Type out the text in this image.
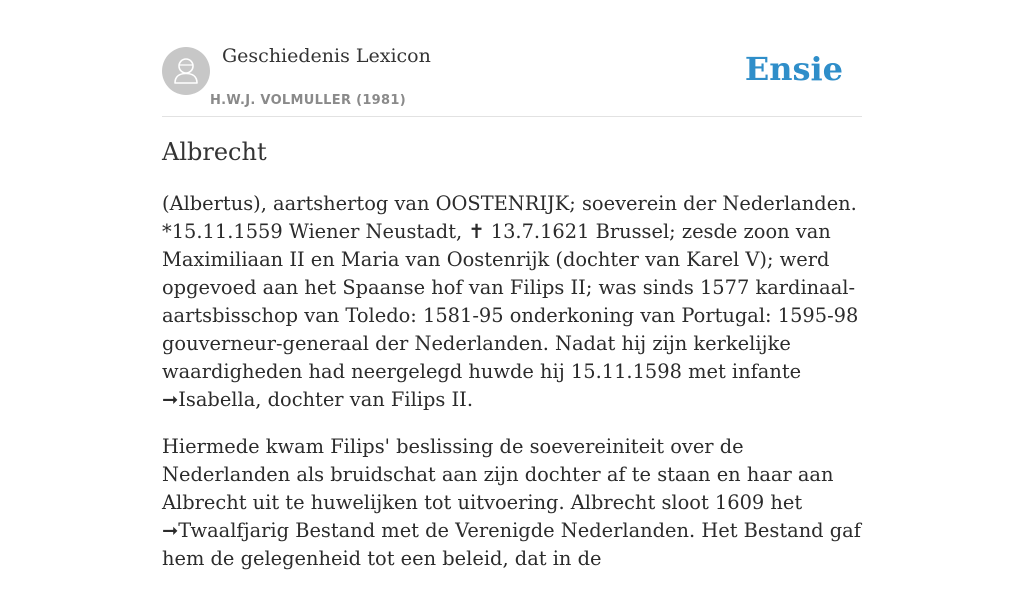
Geschiedenis Lexicon
H.W.J. VOLMULLER (1981)
Ensie
Albrecht

(Albertus), aartshertog van OOSTENRIJK; soeverein der Nederlanden. *15.11.1559 Wiener Neustadt, ✝ 13.7.1621 Brussel; zesde zoon van Maximiliaan II en Maria van Oostenrijk (dochter van Karel V); werd opgevoed aan het Spaanse hof van Filips II; was sinds 1577 kardinaal-aartsbisschop van Toledo: 1581-95 onderkoning van Portugal: 1595-98 gouverneur-generaal der Nederlanden. Nadat hij zijn kerkelijke waardigheden had neergelegd huwde hij 15.11.1598 met infante ➞Isabella, dochter van Filips II.

Hiermede kwam Filips' beslissing de soevereiniteit over de Nederlanden als bruidschat aan zijn dochter af te staan en haar aan Albrecht uit te huwelijken tot uitvoering. Albrecht sloot 1609 het ➞Twaalfjarig Bestand met de Verenigde Nederlanden. Het Bestand gaf hem de gelegenheid tot een beleid, dat in de
